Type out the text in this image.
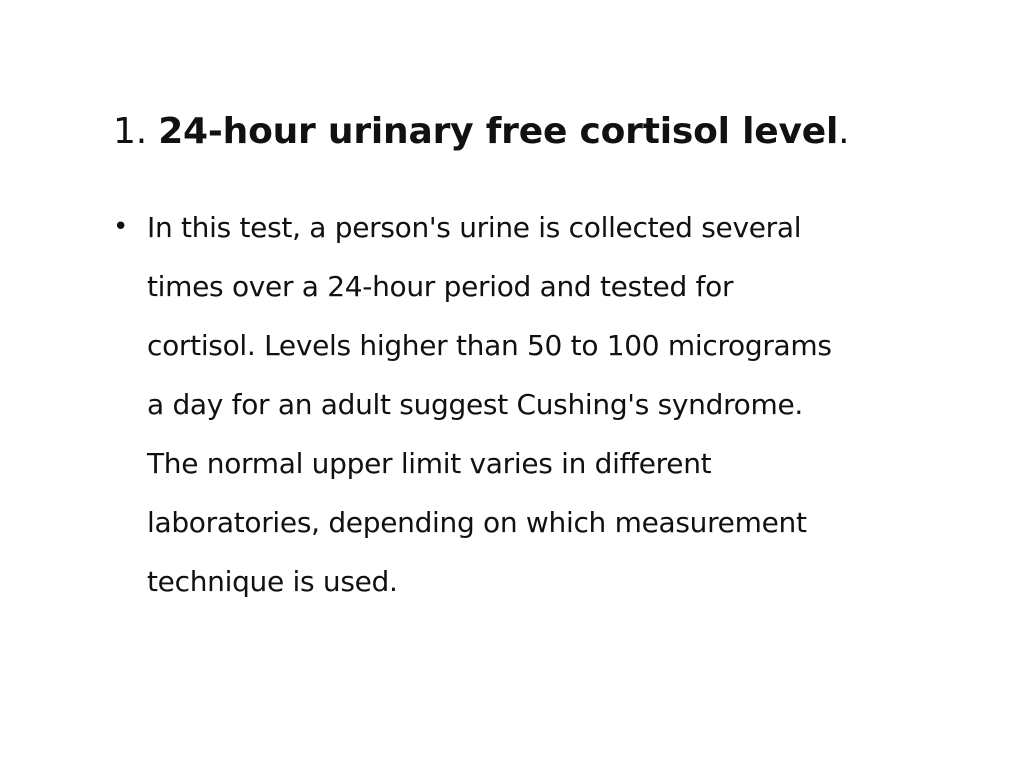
1. 24-hour urinary free cortisol level.
• In this test, a person's urine is collected several
times over a 24-hour period and tested for
cortisol. Levels higher than 50 to 100 micrograms
a day for an adult suggest Cushing's syndrome.
The normal upper limit varies in different
laboratories, depending on which measurement
technique is used.
